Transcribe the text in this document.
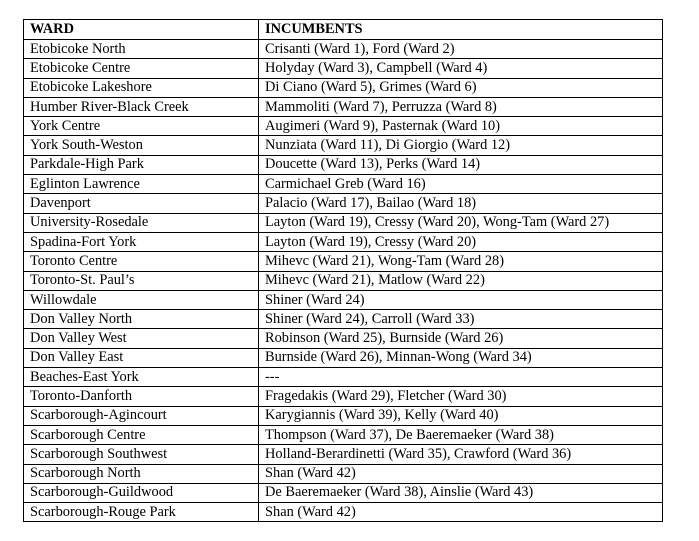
WARD	INCUMBENTS
Etobicoke North	Crisanti (Ward 1), Ford (Ward 2)
Etobicoke Centre	Holyday (Ward 3), Campbell (Ward 4)
Etobicoke Lakeshore	Di Ciano (Ward 5), Grimes (Ward 6)
Humber River-Black Creek	Mammoliti (Ward 7), Perruzza (Ward 8)
York Centre	Augimeri (Ward 9), Pasternak (Ward 10)
York South-Weston	Nunziata (Ward 11), Di Giorgio (Ward 12)
Parkdale-High Park	Doucette (Ward 13), Perks (Ward 14)
Eglinton Lawrence	Carmichael Greb (Ward 16)
Davenport	Palacio (Ward 17), Bailao (Ward 18)
University-Rosedale	Layton (Ward 19), Cressy (Ward 20), Wong-Tam (Ward 27)
Spadina-Fort York	Layton (Ward 19), Cressy (Ward 20)
Toronto Centre	Mihevc (Ward 21), Wong-Tam (Ward 28)
Toronto-St. Paul’s	Mihevc (Ward 21), Matlow (Ward 22)
Willowdale	Shiner (Ward 24)
Don Valley North	Shiner (Ward 24), Carroll (Ward 33)
Don Valley West	Robinson (Ward 25), Burnside (Ward 26)
Don Valley East	Burnside (Ward 26), Minnan-Wong (Ward 34)
Beaches-East York	---
Toronto-Danforth	Fragedakis (Ward 29), Fletcher (Ward 30)
Scarborough-Agincourt	Karygiannis (Ward 39), Kelly (Ward 40)
Scarborough Centre	Thompson (Ward 37), De Baeremaeker (Ward 38)
Scarborough Southwest	Holland-Berardinetti (Ward 35), Crawford (Ward 36)
Scarborough North	Shan (Ward 42)
Scarborough-Guildwood	De Baeremaeker (Ward 38), Ainslie (Ward 43)
Scarborough-Rouge Park	Shan (Ward 42)
